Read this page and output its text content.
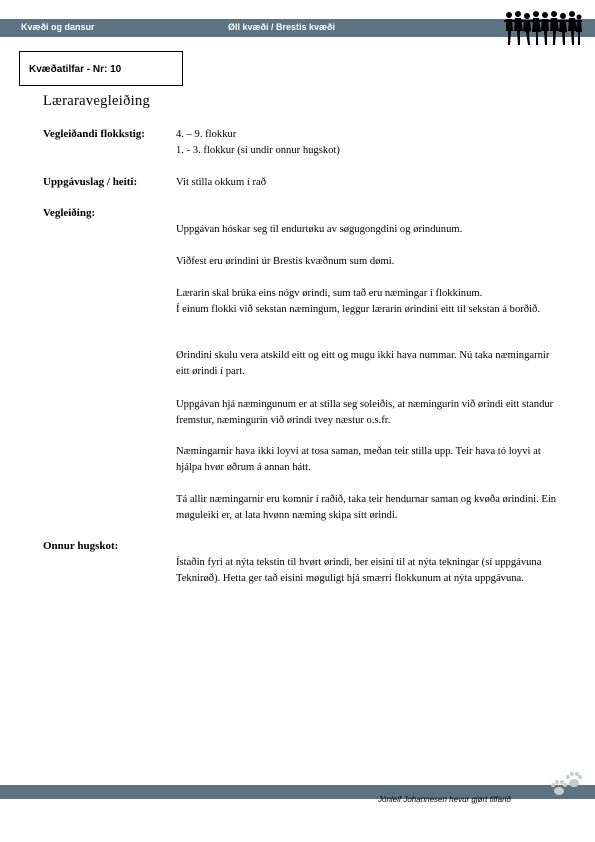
Kvæði og dansur	Øll kvæði / Brestis kvæði
Kvæðatilfar - Nr: 10
Læraravegleiðing
Vegleiðandi flokkstig:	4. – 9. flokkur
1. - 3. flokkur (sí undir onnur hugskot)
Uppgávuslag / heiti:	Vit stilla okkum í rað
Vegleiðing:
Uppgávan hóskar seg til endurtøku av søgugongdini og ørindunum.
Viðfest eru ørindini úr Brestis kvæðnum sum dømi.
Lærarin skal brúka eins nógv ørindi, sum tað eru næmingar í flokkinum.
Í einum flokki við sekstan næmingum, leggur lærarin ørindini eitt til sekstan á borðið.
Ørindini skulu vera atskild eitt og eitt og mugu ikki hava nummar. Nú taka næmingarnir eitt ørindi í part.
Uppgávan hjá næmingunum er at stilla seg soleiðis, at næmingurin við ørindi eitt standur fremstur, næmingurin við ørindi tvey næstur o.s.fr.
Næmingarnir hava ikki loyvi at tosa saman, meðan teir stilla upp. Teir hava tó loyvi at hjálpa hvør øðrum á annan hátt.
Tá allir næmingarnir eru komnir í raðið, taka teir hendurnar saman og kvøða ørindini. Ein møguleiki er, at lata hvønn næming skipa sítt ørindi.
Onnur hugskot:
Ístaðin fyri at nýta tekstin til hvørt ørindi, ber eisini til at nýta tekningar (sí uppgávuna Teknirøð). Hetta ger tað eisini møguligt hjá smærri flokkunum at nýta uppgávuna.
Jónleif Johannesen hevur gjørt tilfarið
